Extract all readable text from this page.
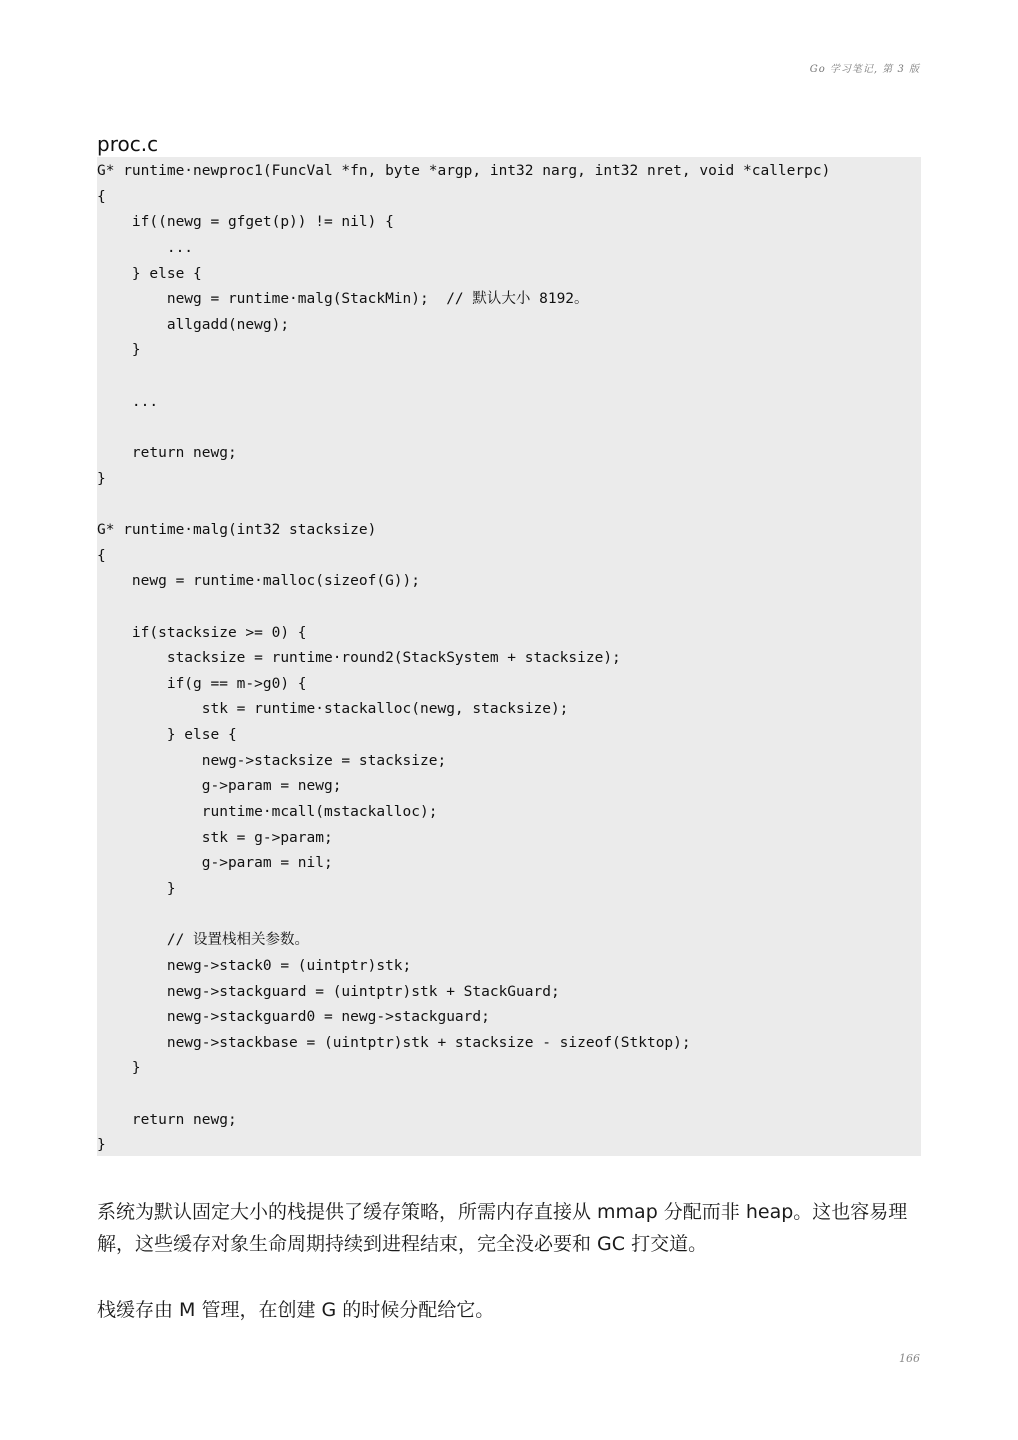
Go 学习笔记, 第 3 版
proc.c
G* runtime·newproc1(FuncVal *fn, byte *argp, int32 narg, int32 nret, void *callerpc)
{
if((newg = gfget(p)) != nil) {
...
} else {
newg = runtime·malg(StackMin);  // 默认大小 8192。
allgadd(newg);
}
...
return newg;
}
G* runtime·malg(int32 stacksize)
{
newg = runtime·malloc(sizeof(G));
if(stacksize >= 0) {
stacksize = runtime·round2(StackSystem + stacksize);
if(g == m->g0) {
stk = runtime·stackalloc(newg, stacksize);
} else {
newg->stacksize = stacksize;
g->param = newg;
runtime·mcall(mstackalloc);
stk = g->param;
g->param = nil;
}
// 设置栈相关参数。
newg->stack0 = (uintptr)stk;
newg->stackguard = (uintptr)stk + StackGuard;
newg->stackguard0 = newg->stackguard;
newg->stackbase = (uintptr)stk + stacksize - sizeof(Stktop);
}
return newg;
}
系统为默认固定大小的栈提供了缓存策略，所需内存直接从 mmap 分配而非 heap。这也容易理解，这些缓存对象生命周期持续到进程结束，完全没必要和 GC 打交道。
栈缓存由 M 管理，在创建 G 的时候分配给它。
166
